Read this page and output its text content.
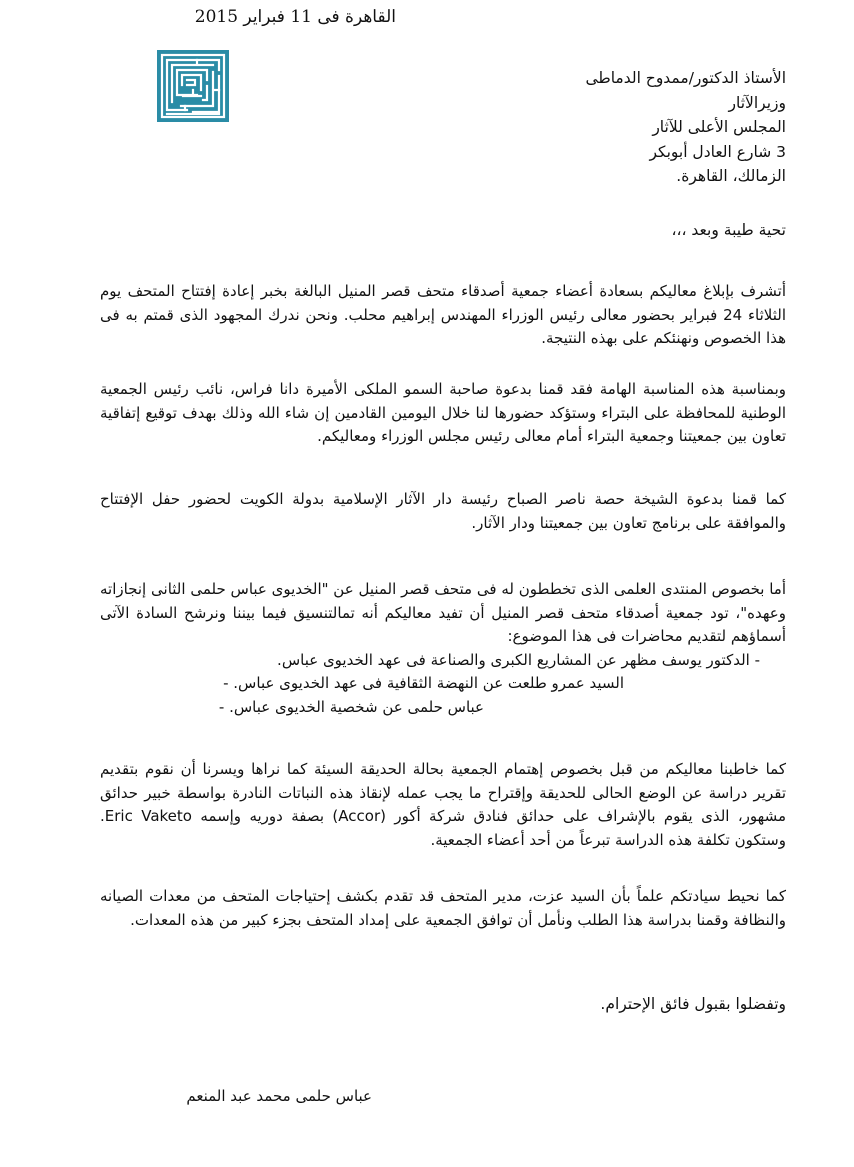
القاهرة فى 11 فبراير 2015
الأستاذ الدكتور/ممدوح الدماطى
وزيرالآثار
المجلس الأعلى للآثار
3 شارع العادل أبوبكر
الزمالك، القاهرة.
تحية طيبة وبعد ،،،

أتشرف بإبلاغ معاليكم بسعادة أعضاء جمعية أصدقاء متحف قصر المنيل البالغة بخبر إعادة إفتتاح المتحف يوم الثلاثاء 24 فبراير بحضور معالى رئيس الوزراء المهندس إبراهيم محلب. ونحن ندرك المجهود الذى قمتم به فى هذا الخصوص ونهنئكم على بهذه النتيجة.

وبمناسبة هذه المناسبة الهامة فقد قمنا بدعوة صاحبة السمو الملكى الأميرة دانا فراس، نائب رئيس الجمعية الوطنية للمحافظة على البتراء وستؤكد حضورها لنا خلال اليومين القادمين إن شاء الله وذلك بهدف توقيع إتفاقية تعاون بين جمعيتنا وجمعية البتراء أمام معالى رئيس مجلس الوزراء ومعاليكم.

كما قمنا بدعوة الشيخة حصة ناصر الصباح رئيسة دار الآثار الإسلامية بدولة الكويت لحضور حفل الإفتتاح والموافقة على برنامج تعاون بين جمعيتنا ودار الآثار.

أما بخصوص المنتدى العلمى الذى تخططون له فى متحف قصر المنيل عن "الخديوى عباس حلمى الثانى إنجازاته وعهده"، تود جمعية أصدقاء متحف قصر المنيل أن تفيد معاليكم أنه تمالتنسيق فيما بيننا ونرشح السادة الآتى أسماؤهم لتقديم محاضرات فى هذا الموضوع:

- الدكتور يوسف مظهر عن المشاريع الكبرى والصناعة فى عهد الخديوى عباس.
السيد عمرو طلعت عن النهضة الثقافية فى عهد الخديوى عباس. -
عباس حلمى عن شخصية الخديوى عباس. -

كما خاطبنا معاليكم من قبل بخصوص إهتمام الجمعية بحالة الحديقة السيئة كما نراها ويسرنا أن نقوم بتقديم تقرير دراسة عن الوضع الحالى للحديقة وإقتراح ما يجب عمله لإنقاذ هذه النباتات النادرة بواسطة خبير حدائق مشهور، الذى يقوم بالإشراف على حدائق فنادق شركة أكور (Accor) بصفة دوريه وإسمه Eric Vaketo. وستكون تكلفة هذه الدراسة تبرعاً من أحد أعضاء الجمعية.

كما نحيط سيادتكم علماً بأن السيد عزت، مدير المتحف قد تقدم بكشف إحتياجات المتحف من معدات الصيانه والنظافة وقمنا بدراسة هذا الطلب ونأمل أن توافق الجمعية على إمداد المتحف بجزء كبير من هذه المعدات.

وتفضلوا بقبول فائق الإحترام.
عباس حلمى محمد عبد المنعم
